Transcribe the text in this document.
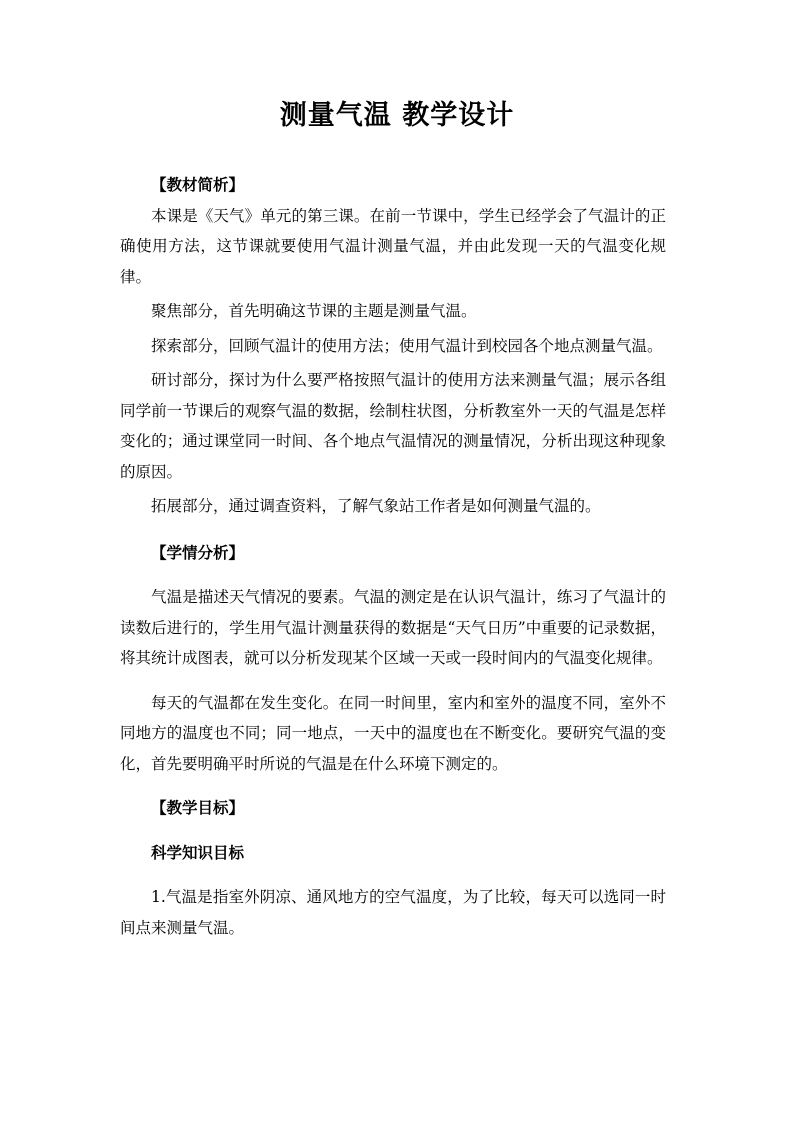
测量气温 教学设计

【教材简析】

本课是《天气》单元的第三课。在前一节课中，学生已经学会了气温计的正确使用方法，这节课就要使用气温计测量气温，并由此发现一天的气温变化规律。

聚焦部分，首先明确这节课的主题是测量气温。

探索部分，回顾气温计的使用方法；使用气温计到校园各个地点测量气温。

研讨部分，探讨为什么要严格按照气温计的使用方法来测量气温；展示各组同学前一节课后的观察气温的数据，绘制柱状图，分析教室外一天的气温是怎样变化的；通过课堂同一时间、各个地点气温情况的测量情况，分析出现这种现象的原因。

拓展部分，通过调查资料，了解气象站工作者是如何测量气温的。

【学情分析】

气温是描述天气情况的要素。气温的测定是在认识气温计，练习了气温计的读数后进行的，学生用气温计测量获得的数据是“天气日历”中重要的记录数据，将其统计成图表，就可以分析发现某个区域一天或一段时间内的气温变化规律。

每天的气温都在发生变化。在同一时间里，室内和室外的温度不同，室外不同地方的温度也不同；同一地点，一天中的温度也在不断变化。要研究气温的变化，首先要明确平时所说的气温是在什么环境下测定的。

【教学目标】

科学知识目标

1.气温是指室外阴凉、通风地方的空气温度，为了比较，每天可以选同一时间点来测量气温。
